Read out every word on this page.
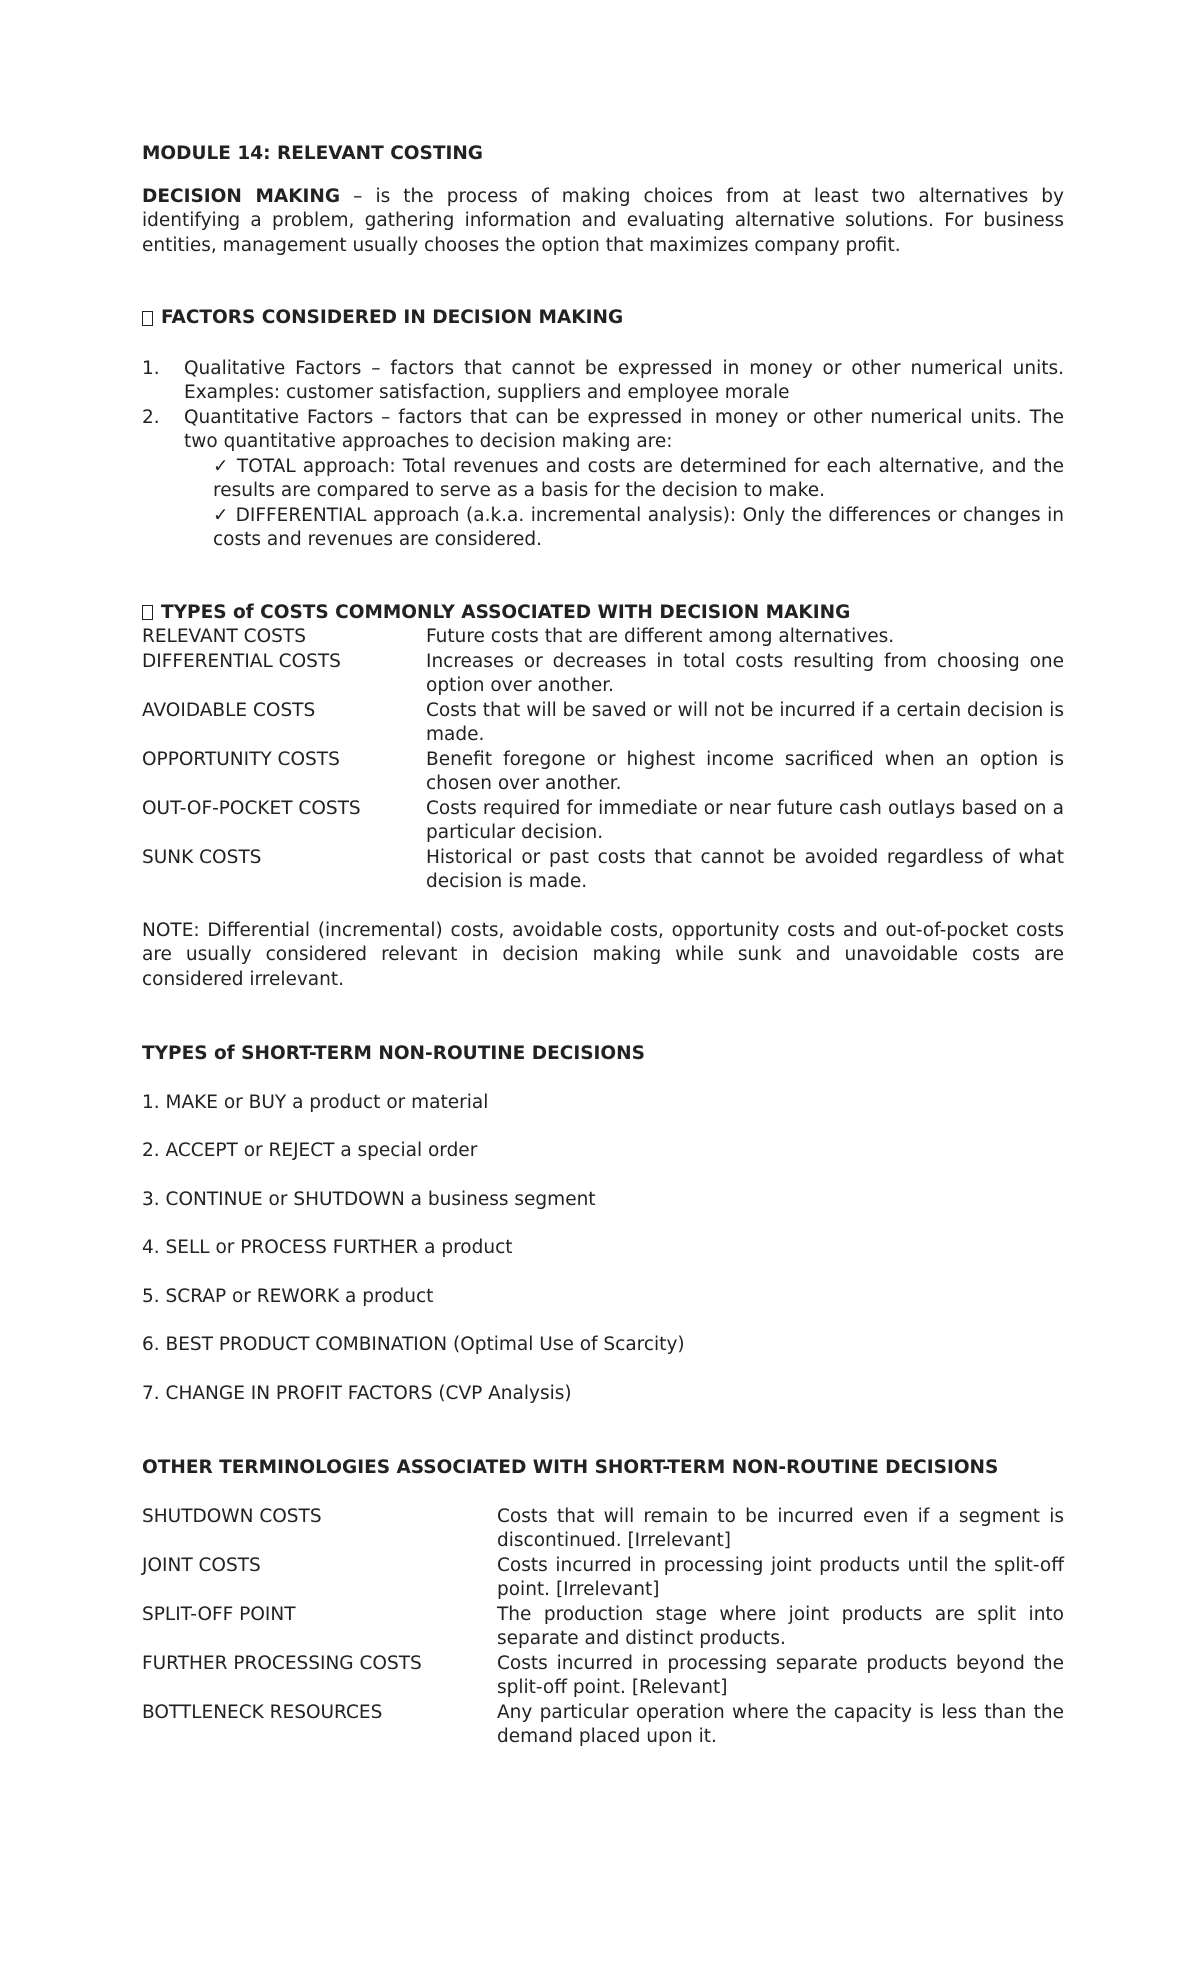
MODULE 14: RELEVANT COSTING

DECISION MAKING – is the process of making choices from at least two alternatives by identifying a problem, gathering information and evaluating alternative solutions. For business entities, management usually chooses the option that maximizes company profit.

FACTORS CONSIDERED IN DECISION MAKING

1.	Qualitative Factors – factors that cannot be expressed in money or other numerical units. Examples: customer satisfaction, suppliers and employee morale
2.	Quantitative Factors – factors that can be expressed in money or other numerical units. The two quantitative approaches to decision making are:
✓ TOTAL approach: Total revenues and costs are determined for each alternative, and the results are compared to serve as a basis for the decision to make.
✓ DIFFERENTIAL approach (a.k.a. incremental analysis): Only the differences or changes in costs and revenues are considered.

TYPES of COSTS COMMONLY ASSOCIATED WITH DECISION MAKING

RELEVANT COSTS	Future costs that are different among alternatives.
DIFFERENTIAL COSTS	Increases or decreases in total costs resulting from choosing one option over another.
AVOIDABLE COSTS	Costs that will be saved or will not be incurred if a certain decision is made.
OPPORTUNITY COSTS	Benefit foregone or highest income sacrificed when an option is chosen over another.
OUT-OF-POCKET COSTS	Costs required for immediate or near future cash outlays based on a particular decision.
SUNK COSTS	Historical or past costs that cannot be avoided regardless of what decision is made.

NOTE: Differential (incremental) costs, avoidable costs, opportunity costs and out-of-pocket costs are usually considered relevant in decision making while sunk and unavoidable costs are considered irrelevant.

TYPES of SHORT-TERM NON-ROUTINE DECISIONS

1. MAKE or BUY a product or material

2. ACCEPT or REJECT a special order

3. CONTINUE or SHUTDOWN a business segment

4. SELL or PROCESS FURTHER a product

5. SCRAP or REWORK a product

6. BEST PRODUCT COMBINATION (Optimal Use of Scarcity)

7. CHANGE IN PROFIT FACTORS (CVP Analysis)

OTHER TERMINOLOGIES ASSOCIATED WITH SHORT-TERM NON-ROUTINE DECISIONS

SHUTDOWN COSTS	Costs that will remain to be incurred even if a segment is discontinued. [Irrelevant]
JOINT COSTS	Costs incurred in processing joint products until the split-off point. [Irrelevant]
SPLIT-OFF POINT	The production stage where joint products are split into separate and distinct products.
FURTHER PROCESSING COSTS	Costs incurred in processing separate products beyond the split-off point. [Relevant]
BOTTLENECK RESOURCES	Any particular operation where the capacity is less than the demand placed upon it.
